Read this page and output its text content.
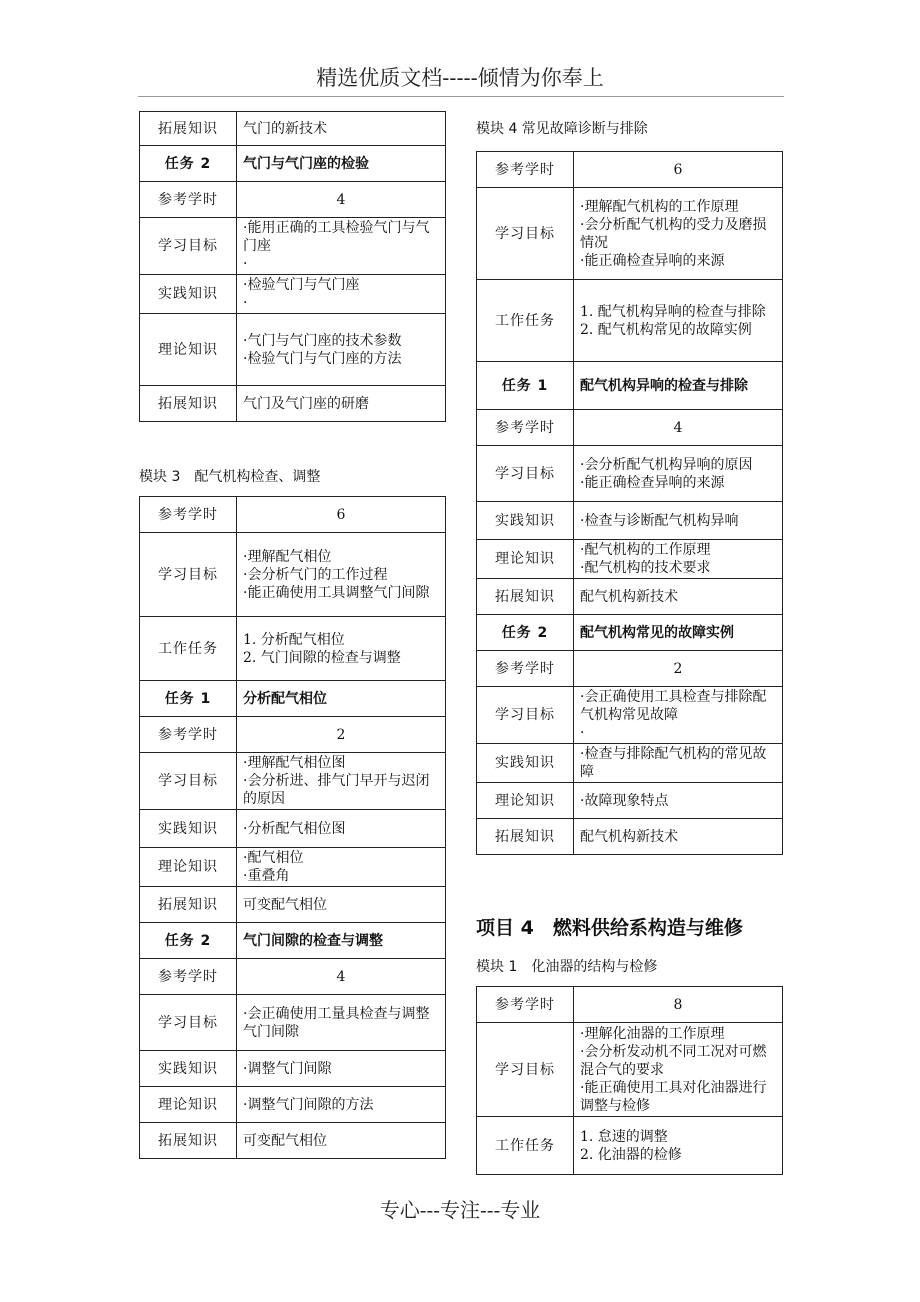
精选优质文档-----倾情为你奉上
拓展知识	气门的新技术

任务 2	气门与气门座的检验

参考学时	4

学习目标	·能用正确的工具检验气门与气门座
·

实践知识	·检验气门与气门座
·

理论知识	·气门与气门座的技术参数
·检验气门与气门座的方法

拓展知识	气门及气门座的研磨

模块 3　配气机构检查、调整

参考学时	6

学习目标	·理解配气相位
·会分析气门的工作过程
·能正确使用工具调整气门间隙

工作任务	1. 分析配气相位
2. 气门间隙的检查与调整

任务 1	分析配气相位

参考学时	2

学习目标	·理解配气相位图
·会分析进、排气门早开与迟闭的原因

实践知识	·分析配气相位图

理论知识	·配气相位
·重叠角

拓展知识	可变配气相位

任务 2	气门间隙的检查与调整

参考学时	4

学习目标	·会正确使用工量具检查与调整气门间隙

实践知识	·调整气门间隙

理论知识	·调整气门间隙的方法

拓展知识	可变配气相位

模块 4 常见故障诊断与排除

参考学时	6

学习目标	·理解配气机构的工作原理
·会分析配气机构的受力及磨损情况
·能正确检查异响的来源

工作任务	1. 配气机构异响的检查与排除
2. 配气机构常见的故障实例

任务 1	配气机构异响的检查与排除

参考学时	4

学习目标	·会分析配气机构异响的原因
·能正确检查异响的来源

实践知识	·检查与诊断配气机构异响

理论知识	·配气机构的工作原理
·配气机构的技术要求

拓展知识	配气机构新技术

任务 2	配气机构常见的故障实例

参考学时	2

学习目标	·会正确使用工具检查与排除配气机构常见故障
·

实践知识	·检查与排除配气机构的常见故障

理论知识	·故障现象特点

拓展知识	配气机构新技术

项目 4　燃料供给系构造与维修

模块 1　化油器的结构与检修

参考学时	8

学习目标	·理解化油器的工作原理
·会分析发动机不同工况对可燃混合气的要求
·能正确使用工具对化油器进行调整与检修

工作任务	1. 怠速的调整
2. 化油器的检修
专心---专注---专业
